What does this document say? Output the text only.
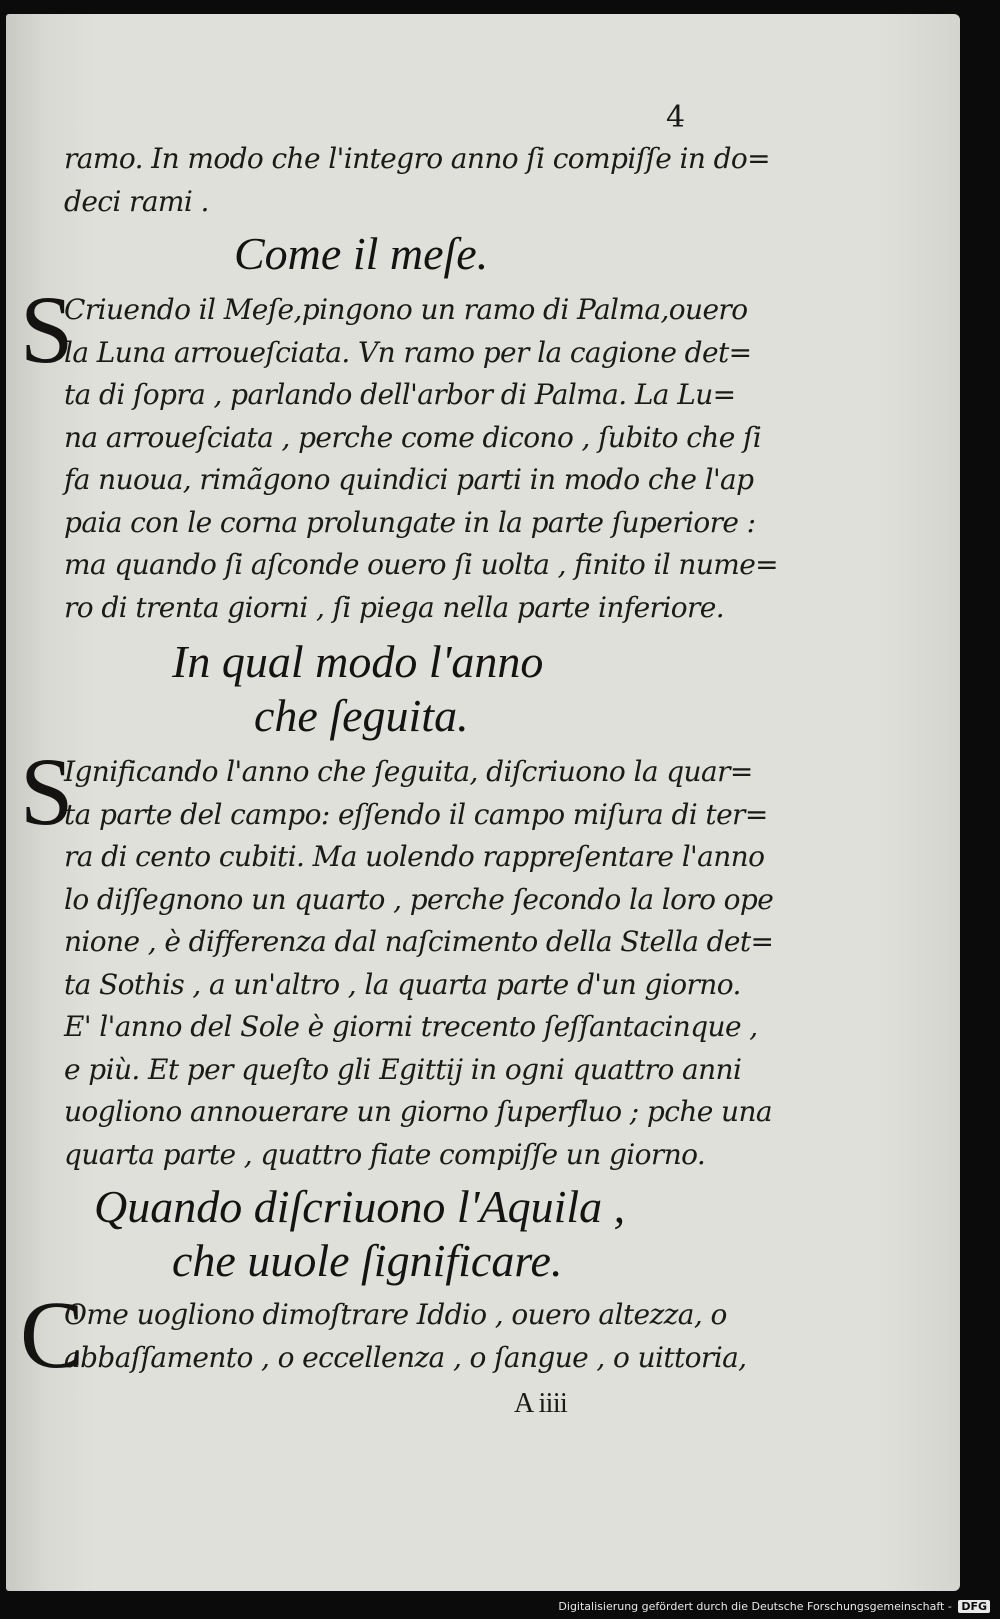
4
ramo. In modo che l'integro anno ſi compiſſe in do=
deci rami .
Come il meſe.
S
Criuendo il Meſe,pingono un ramo di Palma,ouero
la Luna arroueſciata. Vn ramo per la cagione det=
ta di ſopra , parlando dell'arbor di Palma. La Lu=
na arroueſciata , perche come dicono , ſubito che ſi
fa nuoua, rimãgono quindici parti in modo che l'ap
paia con le corna prolungate in la parte ſuperiore :
ma quando ſi aſconde ouero ſi uolta , finito il nume=
ro di trenta giorni , ſi piega nella parte inferiore.
In qual modo l'anno
che ſeguita.
S
Ignificando l'anno che ſeguita, diſcriuono la quar=
ta parte del campo: eſſendo il campo miſura di ter=
ra di cento cubiti. Ma uolendo rappreſentare l'anno
lo diſſegnono un quarto , perche ſecondo la loro ope
nione , è differenza dal naſcimento della Stella det=
ta Sothis , a un'altro , la quarta parte d'un giorno.
E' l'anno del Sole è giorni trecento ſeſſantacinque ,
e più. Et per queſto gli Egittij in ogni quattro anni
uogliono annouerare un giorno ſuperfluo ; pche una
quarta parte , quattro fiate compiſſe un giorno.
Quando diſcriuono l'Aquila ,
che uuole ſignificare.
C
Ome uogliono dimoſtrare Iddio , ouero altezza, o
abbaſſamento , o eccellenza , o ſangue , o uittoria,
A iiii
Digitalisierung gefördert durch die Deutsche Forschungsgemeinschaft - DFG
